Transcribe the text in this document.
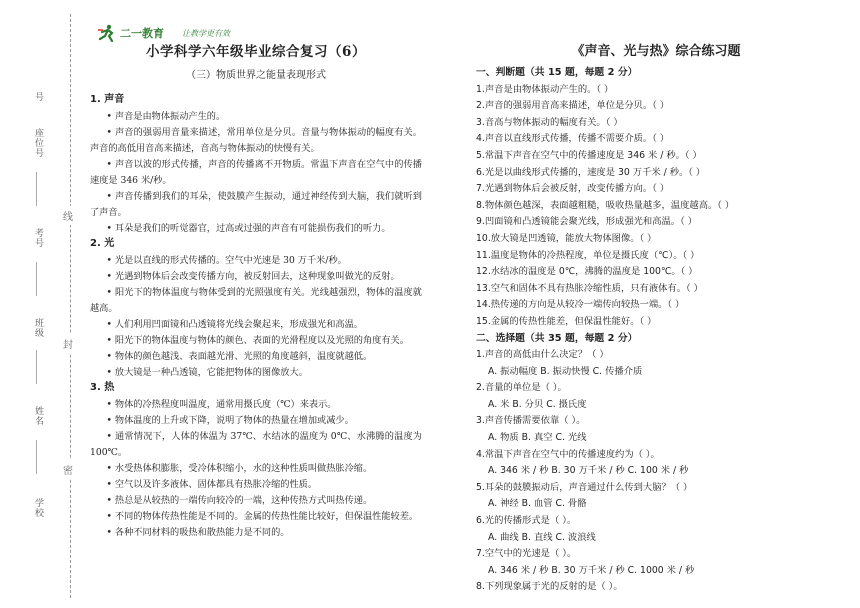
号
座位号
考号
班级
姓名
学校
线
封
密
二一教育 让教学更有效
小学科学六年级毕业综合复习（6）
（三）物质世界之能量表现形式
1. 声音
• 声音是由物体振动产生的。
• 声音的强弱用音量来描述，常用单位是分贝。音量与物体振动的幅度有关。声音的高低用音高来描述，音高与物体振动的快慢有关。
• 声音以波的形式传播，声音的传播离不开物质。常温下声音在空气中的传播速度是 346 米/秒。
• 声音传播到我们的耳朵，使鼓膜产生振动，通过神经传到大脑，我们就听到了声音。
• 耳朵是我们的听觉器官，过高或过强的声音有可能损伤我们的听力。
2. 光
• 光是以直线的形式传播的。空气中光速是 30 万千米/秒。
• 光遇到物体后会改变传播方向，被反射回去，这种现象叫做光的反射。
• 阳光下的物体温度与物体受到的光照强度有关。光线越强烈，物体的温度就越高。
• 人们利用凹面镜和凸透镜将光线会聚起来，形成强光和高温。
• 阳光下的物体温度与物体的颜色、表面的光滑程度以及光照的角度有关。
• 物体的颜色越浅、表面越光滑、光照的角度越斜，温度就越低。
• 放大镜是一种凸透镜，它能把物体的图像放大。
3. 热
• 物体的冷热程度叫温度，通常用摄氏度（℃）来表示。
• 物体温度的上升或下降，说明了物体的热量在增加或减少。
• 通常情况下，人体的体温为 37℃、水结冰的温度为 0℃、水沸腾的温度为 100℃。
• 水受热体积膨胀，受冷体积缩小，水的这种性质叫做热胀冷缩。
• 空气以及许多液体、固体都具有热胀冷缩的性质。
• 热总是从较热的一端传向较冷的一端，这种传热方式叫热传递。
• 不同的物体传热性能是不同的。金属的传热性能比较好，但保温性能较差。
• 各种不同材料的吸热和散热能力是不同的。
《声音、光与热》综合练习题
一、判断题（共 15 题，每题 2 分）
1.声音是由物体振动产生的。（ ）
2.声音的强弱用音高来描述，单位是分贝。（ ）
3.音高与物体振动的幅度有关。（ ）
4.声音以直线形式传播，传播不需要介质。（ ）
5.常温下声音在空气中的传播速度是 346 米 / 秒。（ ）
6.光是以曲线形式传播的，速度是 30 万千米 / 秒。（ ）
7.光遇到物体后会被反射，改变传播方向。（ ）
8.物体颜色越深，表面越粗糙，吸收热量越多，温度越高。（ ）
9.凹面镜和凸透镜能会聚光线，形成强光和高温。（ ）
10.放大镜是凹透镜，能放大物体图像。（ ）
11.温度是物体的冷热程度，单位是摄氏度（℃）。（ ）
12.水结冰的温度是 0℃，沸腾的温度是 100℃。（ ）
13.空气和固体不具有热胀冷缩性质，只有液体有。（ ）
14.热传递的方向是从较冷一端传向较热一端。（ ）
15.金属的传热性能差，但保温性能好。（ ）
二、选择题（共 35 题，每题 2 分）
1.声音的高低由什么决定？（ ）
A. 振动幅度 B. 振动快慢 C. 传播介质
2.音量的单位是（ ）。
A. 米 B. 分贝 C. 摄氏度
3.声音传播需要依靠（ ）。
A. 物质 B. 真空 C. 光线
4.常温下声音在空气中的传播速度约为（ ）。
A. 346 米 / 秒 B. 30 万千米 / 秒 C. 100 米 / 秒
5.耳朵的鼓膜振动后，声音通过什么传到大脑？（ ）
A. 神经 B. 血管 C. 骨骼
6.光的传播形式是（ ）。
A. 曲线 B. 直线 C. 波浪线
7.空气中的光速是（ ）。
A. 346 米 / 秒 B. 30 万千米 / 秒 C. 1000 米 / 秒
8.下列现象属于光的反射的是（ ）。
